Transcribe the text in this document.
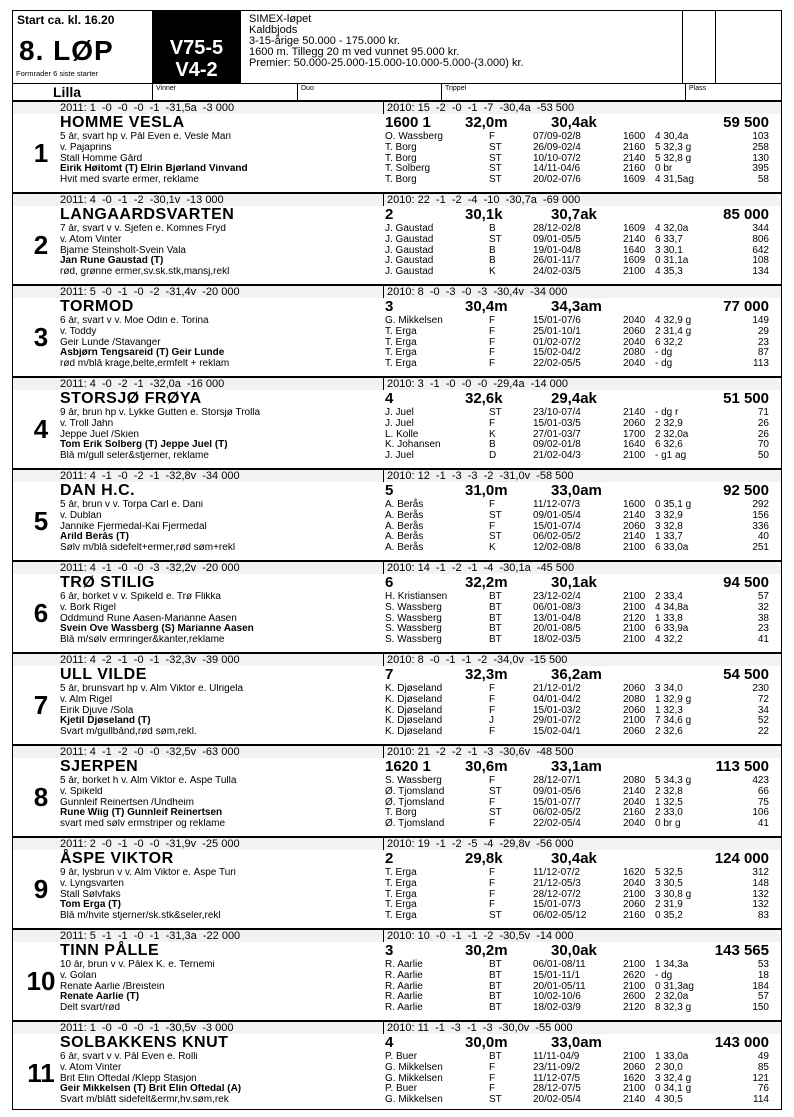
Start ca. kl. 16.20
8. LØP
Formrader 6 siste starter
V75-5
V4-2
SIMEX-løpet
Kaldbjods
3-15-årige 50.000 - 175.000 kr.
1600 m. Tillegg 20 m ved vunnet 95.000 kr.
Premier: 50.000-25.000-15.000-10.000-5.000-(3.000) kr.
Lilla	Vinner	Duo	Trippel	Plass
2011: 1  -0  -0  -0  -1  -31,5a  -3 000	2010: 15  -2  -0  -1  -7  -30,4a  -53 500
1
HOMME VESLA
5 år, svart hp v. Pål Even e. Vesle Mari
v. Pajaprins
Stall Homme Gård
Eirik Høitomt (T) Elrin Bjørland Vinvand
Hvit med svarte ermer, reklame
1600 1 32,0m	30,4ak	59 500
O. Wassberg	F	07/09-02/8	1600 4 30,4a	103
T. Borg	ST	26/09-02/4	2160 5 32,3 g	258
T. Borg	ST	10/10-07/2	2140 5 32,8 g	130
T. Solberg	ST	14/11-04/6	2160 0 br	395
T. Borg	ST	20/02-07/6	1609 4 31,5ag	58
2011: 4  -0  -1  -2  -30,1v  -13 000	2010: 22  -1  -2  -4  -10  -30,7a  -69 000
2
LANGAARDSVARTEN
7 år, svart v v. Sjefen e. Komnes Fryd
v. Atom Vinter
Bjarne Steinsholt-Svein Vala
Jan Rune Gaustad (T)
rød, grønne ermer,sv.sk.stk,mansj,rekl
2	30,1k	30,7ak	85 000
J. Gaustad	B	28/12-02/8	1609 4 32,0a	344
J. Gaustad	ST	09/01-05/5	2140 6 33,7	806
J. Gaustad	B	19/01-04/8	1640 3 30,1	642
J. Gaustad	B	26/01-11/7	1609 0 31,1a	108
J. Gaustad	K	24/02-03/5	2100 4 35,3	134
2011: 5  -0  -1  -0  -2  -31,4v  -20 000	2010: 8  -0  -3  -0  -3  -30,4v  -34 000
3
TORMOD
6 år, svart v v. Moe Odin e. Torina
v. Toddy
Geir Lunde /Stavanger
Åsbjørn Tengsareid (T) Geir Lunde
rød m/blå krage,belte,ermfelt + reklam
3	30,4m	34,3am	77 000
G. Mikkelsen	F	15/01-07/6	2040 4 32,9 g	149
T. Erga	F	25/01-10/1	2060 2 31,4 g	29
T. Erga	F	01/02-07/2	2040 6 32,2	23
T. Erga	F	15/02-04/2	2080 - dg	87
T. Erga	F	22/02-05/5	2040 - dg	113
2011: 4  -0  -2  -1  -32,0a  -16 000	2010: 3  -1  -0  -0  -0  -29,4a  -14 000
4
STORSJØ FRØYA
9 år, brun hp v. Lykke Gutten e. Storsjø Trolla
v. Troll Jahn
Jeppe Juel /Skien
Tom Erik Solberg (T) Jeppe Juel (T)
Blå m/gull seler&stjerner, reklame
4	32,6k	29,4ak	51 500
J. Juel	ST	23/10-07/4	2140 - dg r	71
J. Juel	F	15/01-03/5	2060 2 32,9	26
L. Kolle	K	27/01-03/7	1700 2 32,0a	26
K. Johansen	B	09/02-01/8	1640 6 32,6	70
J. Juel	D	21/02-04/3	2100 - g1 ag	50
2011: 4  -1  -0  -2  -1  -32,8v  -34 000	2010: 12  -1  -3  -3  -2  -31,0v  -58 500
5
DAN H.C.
5 år, brun v v. Torpa Carl e. Dani
v. Dublan
Jannike Fjermedal-Kai Fjermedal
Arild Berås (T)
Sølv m/blå sidefelt+ermer,rød søm+rekl
5	31,0m	33,0am	92 500
A. Berås	F	11/12-07/3	1600 0 35,1 g	292
A. Berås	ST	09/01-05/4	2140 3 32,9	156
A. Berås	F	15/01-07/4	2060 3 32,8	336
A. Berås	ST	06/02-05/2	2140 1 33,7	40
A. Berås	K	12/02-08/8	2100 6 33,0a	251
2011: 4  -1  -0  -0  -3  -32,2v  -20 000	2010: 14  -1  -2  -1  -4  -30,1a  -45 500
6
TRØ STILIG
6 år, borket v v. Spikeld e. Trø Flikka
v. Bork Rigel
Oddmund Rune Aasen-Marianne Aasen
Svein Ove Wassberg (S) Marianne Aasen
Blå m/sølv ermringer&kanter,reklame
6	32,2m	30,1ak	94 500
H. Kristiansen	BT	23/12-02/4	2100 2 33,4	57
S. Wassberg	BT	06/01-08/3	2100 4 34,8a	32
S. Wassberg	BT	13/01-04/8	2120 1 33,8	38
S. Wassberg	BT	20/01-08/5	2100 6 33,9a	23
S. Wassberg	BT	18/02-03/5	2100 4 32,2	41
2011: 4  -2  -1  -0  -1  -32,3v  -39 000	2010: 8  -0  -1  -1  -2  -34,0v  -15 500
7
ULL VILDE
5 år, brunsvart hp v. Alm Viktor e. Ulrigela
v. Alm Rigel
Eirik Djuve /Sola
Kjetil Djøseland (T)
Svart m/gullbånd,rød søm,rekl.
7	32,3m	36,2am	54 500
K. Djøseland	F	21/12-01/2	2060 3 34,0	230
K. Djøseland	F	04/01-04/2	2080 1 32,9 g	72
K. Djøseland	F	15/01-03/2	2060 1 32,3	34
K. Djøseland	J	29/01-07/2	2100 7 34,6 g	52
K. Djøseland	F	15/02-04/1	2060 2 32,6	22
2011: 4  -1  -2  -0  -0  -32,5v  -63 000	2010: 21  -2  -2  -1  -3  -30,6v  -48 500
8
SJERPEN
5 år, borket h v. Alm Viktor e. Åspe Tulla
v. Spikeld
Gunnleif Reinertsen /Undheim
Rune Wiig (T) Gunnleif Reinertsen
svart med sølv ermstriper og reklame
1620 1 30,6m	33,1am	113 500
S. Wassberg	F	28/12-07/1	2080 5 34,3 g	423
Ø. Tjomsland	ST	09/01-05/6	2140 2 32,8	66
Ø. Tjomsland	F	15/01-07/7	2040 1 32,5	75
T. Borg	ST	06/02-05/2	2160 2 33,0	106
Ø. Tjomsland	F	22/02-05/4	2040 0 br g	41
2011: 2  -0  -1  -0  -0  -31,9v  -25 000	2010: 19  -1  -2  -5  -4  -29,8v  -56 000
9
ÅSPE VIKTOR
9 år, lysbrun v v. Alm Viktor e. Åspe Turi
v. Lyngsvarten
Stall Sølvfaks
Tom Erga (T)
Blå m/hvite stjerner/sk.stk&seler,rekl
2	29,8k	30,4ak	124 000
T. Erga	F	11/12-07/2	1620 5 32,5	312
T. Erga	F	21/12-05/3	2040 3 30,5	148
T. Erga	F	28/12-07/2	2100 3 30,8 g	132
T. Erga	F	15/01-07/3	2060 2 31,9	132
T. Erga	ST	06/02-05/12	2160 0 35,2	83
2011: 5  -1  -1  -0  -1  -31,3a  -22 000	2010: 10  -0  -1  -1  -2  -30,5v  -14 000
10
TINN PÅLLE
10 år, brun v v. Pålex K. e. Ternemi
v. Golan
Renate Aarlie /Breistein
Renate Aarlie (T)
Delt svart/rød
3	30,2m	30,0ak	143 565
R. Aarlie	BT	06/01-08/11	2100 1 34,3a	53
R. Aarlie	BT	15/01-11/1	2620 - dg	18
R. Aarlie	BT	20/01-05/11	2100 0 31,3ag	184
R. Aarlie	BT	10/02-10/6	2600 2 32,0a	57
R. Aarlie	BT	18/02-03/9	2120 8 32,3 g	150
2011: 1  -0  -0  -0  -1  -30,5v  -3 000	2010: 11  -1  -3  -1  -3  -30,0v  -55 000
11
SOLBAKKENS KNUT
6 år, svart v v. Pål Even e. Rolli
v. Atom Vinter
Brit Elin Oftedal /Klepp Stasjon
Geir Mikkelsen (T) Brit Elin Oftedal (A)
Svart m/blått sidefelt&ermr,hv.søm,rek
4	30,0m	33,0am	143 000
P. Buer	BT	11/11-04/9	2100 1 33,0a	49
G. Mikkelsen	F	23/11-09/2	2060 2 30,0	85
G. Mikkelsen	F	11/12-07/5	1620 3 32,4 g	121
P. Buer	F	28/12-07/5	2100 0 34,1 g	76
G. Mikkelsen	ST	20/02-05/4	2140 4 30,5	114
